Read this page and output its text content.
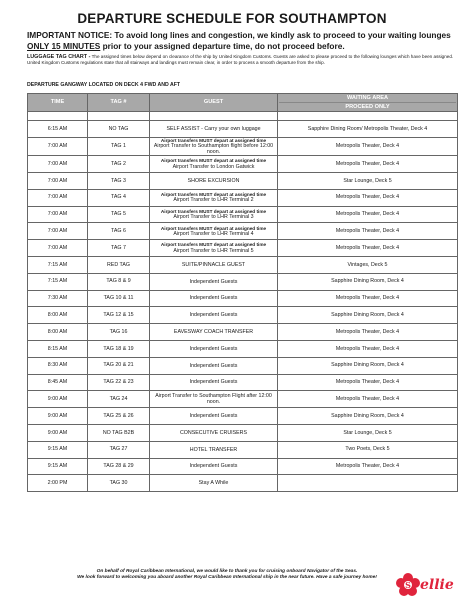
DEPARTURE SCHEDULE FOR SOUTHAMPTON
IMPORTANT NOTICE: To avoid long lines and congestion, we kindly ask to proceed to your waiting lounges ONLY 15 MINUTES prior to your assigned departure time, do not proceed before.
LUGGAGE TAG CHART - The assigned times below depend on clearance of the ship by United Kingdom Customs. Guests are asked to please proceed to the following lounges which have been assigned. United Kingdom Customs regulations state that all stairways and landings must remain clear, in order to process a smooth departure from the ship.
DEPARTURE GANGWAY LOCATED ON DECK 4 FWD AND AFT
TIME	TAG #	GUEST	WAITING AREA
PROCEED ONLY

6:15 AM	NO TAG	SELF ASSIST - Carry your own luggage	Sapphire Dining Room/ Metropolis Theater, Deck 4
7:00 AM	TAG 1	Airport transfers MUST depart at assigned time
Airport Transfer to Southampton flight before 12:00 noon.	Metropolis Theater, Deck 4
7:00 AM	TAG 2	Airport transfers MUST depart at assigned time
Airport Transfer to London Gatwick	Metropolis Theater, Deck 4
7:00 AM	TAG 3	SHORE EXCURSION	Star Lounge, Deck 5
7:00 AM	TAG 4	Airport transfers MUST depart at assigned time
Airport Transfer to LHR Terminal 2	Metropolis Theater, Deck 4
7:00 AM	TAG 5	Airport transfers MUST depart at assigned time
Airport Transfer to LHR Terminal 3	Metropolis Theater, Deck 4
7:00 AM	TAG 6	Airport transfers MUST depart at assigned time
Airport Transfer to LHR Terminal 4	Metropolis Theater, Deck 4
7:00 AM	TAG 7	Airport transfers MUST depart at assigned time
Airport Transfer to LHR Terminal 5	Metropolis Theater, Deck 4
7:15 AM	RED TAG	SUITE/PINNACLE GUEST	Vintages, Deck 5
7:15 AM	TAG 8 & 9	Independent Guests	Sapphire Dining Room, Deck 4
7:30 AM	TAG 10 & 11	Independent Guests	Metropolis Theater, Deck 4
8:00 AM	TAG 12 & 15	Independent Guests	Sapphire Dining Room, Deck 4
8:00 AM	TAG 16	EAVESWAY COACH TRANSFER	Metropolis Theater, Deck 4
8:15 AM	TAG 18 & 19	Independent Guests	Metropolis Theater, Deck 4
8:30 AM	TAG 20 & 21	Independent Guests	Sapphire Dining Room, Deck 4
8:45 AM	TAG 22 & 23	Independent Guests	Metropolis Theater, Deck 4
9:00 AM	TAG 24	Airport Transfer to Southampton Flight after 12:00 noon.	Metropolis Theater, Deck 4
9:00 AM	TAG 25 & 26	Independent Guests	Sapphire Dining Room, Deck 4
9:00 AM	NO TAG B2B	CONSECUTIVE CRUISERS	Star Lounge, Deck 5
9:15 AM	TAG 27	HOTEL TRANSFER	Two Poets, Deck 5
9:15 AM	TAG 28 & 29	Independent Guests	Metropolis Theater, Deck 4
2:00 PM	TAG 30	Stay A While	

On behalf of Royal Caribbean International, we would like to thank you for cruising onboard Navigator of the Seas.
We look forward to welcoming you aboard another Royal Caribbean International ship in the near future. Have a safe journey home!
S ellie
